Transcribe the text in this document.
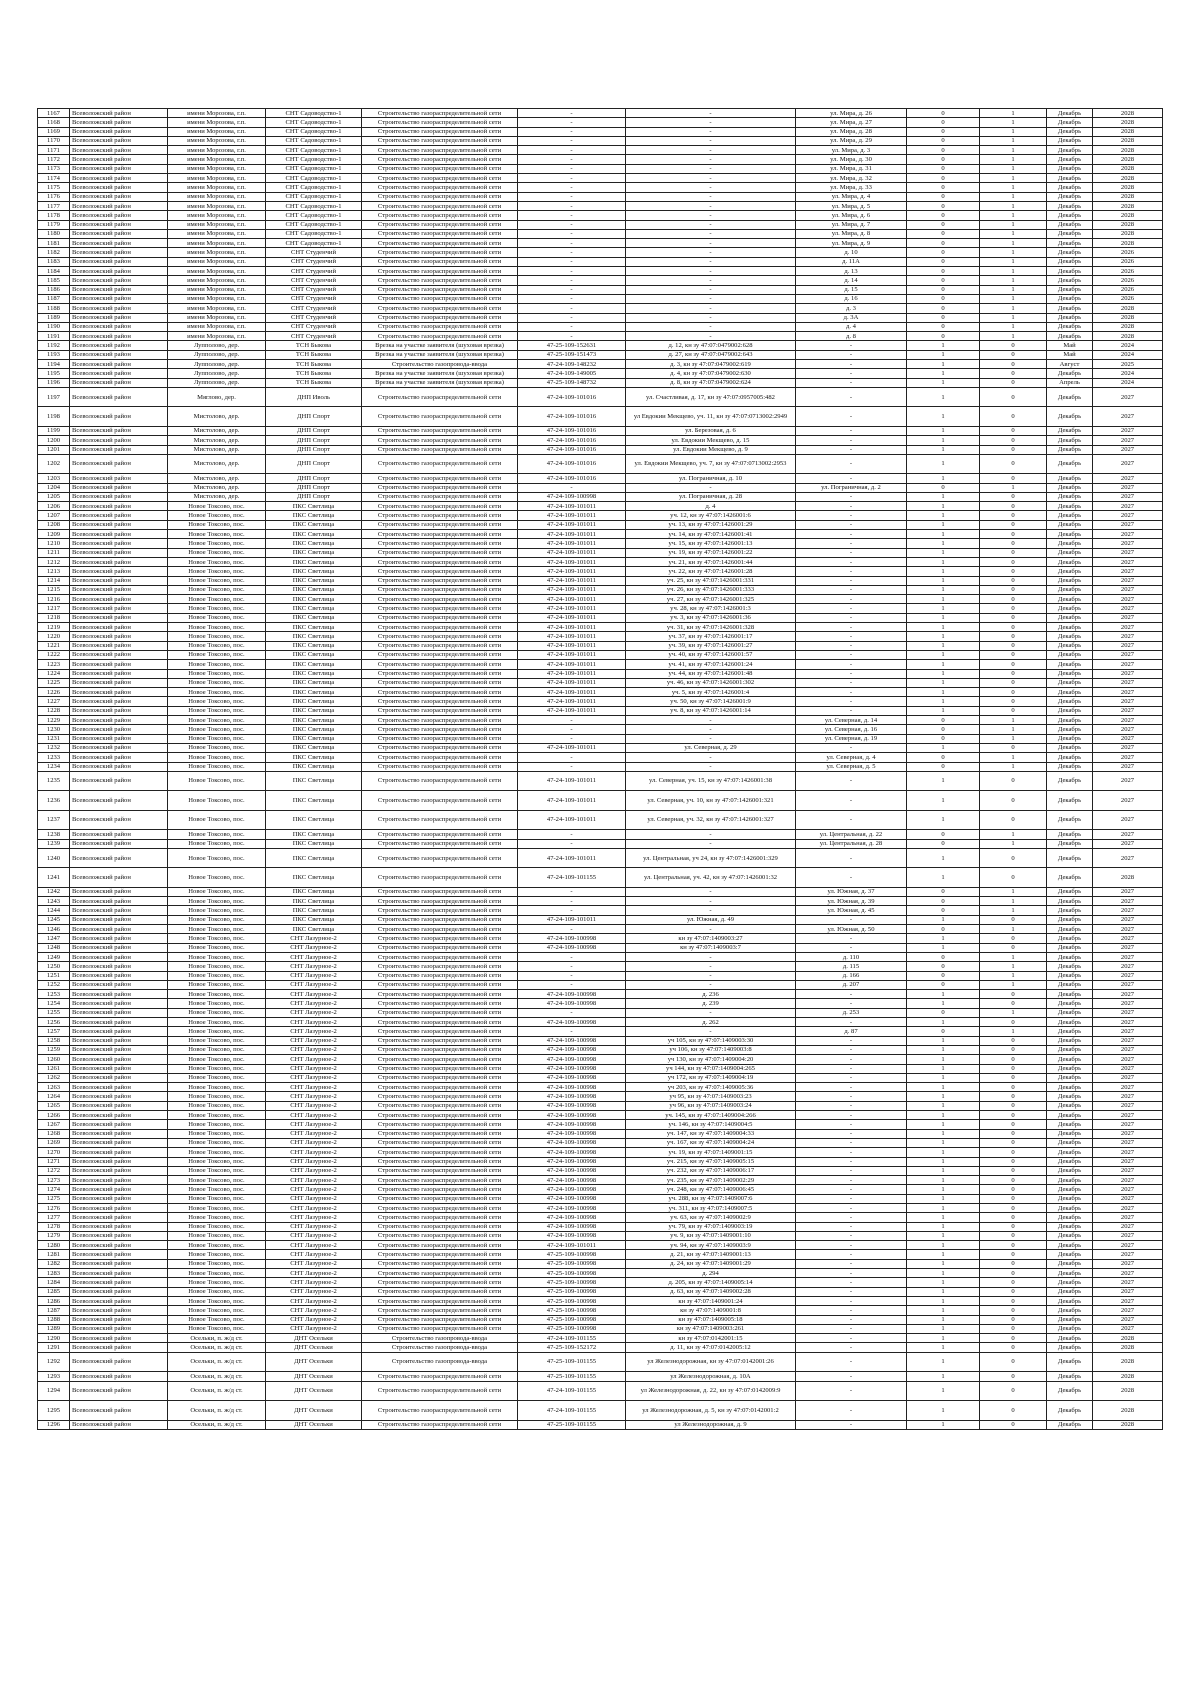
1167	Всеволожский район	имени Морозова, г.п.	СНТ Садоводство-1	Строительство газораспределительной сети	-	-	ул. Мира, д. 26	0	1	Декабрь	2028
1168	Всеволожский район	имени Морозова, г.п.	СНТ Садоводство-1	Строительство газораспределительной сети	-	-	ул. Мира, д. 27	0	1	Декабрь	2028
1169	Всеволожский район	имени Морозова, г.п.	СНТ Садоводство-1	Строительство газораспределительной сети	-	-	ул. Мира, д. 28	0	1	Декабрь	2028
1170	Всеволожский район	имени Морозова, г.п.	СНТ Садоводство-1	Строительство газораспределительной сети	-	-	ул. Мира, д. 29	0	1	Декабрь	2028
1171	Всеволожский район	имени Морозова, г.п.	СНТ Садоводство-1	Строительство газораспределительной сети	-	-	ул. Мира, д. 3	0	1	Декабрь	2028
1172	Всеволожский район	имени Морозова, г.п.	СНТ Садоводство-1	Строительство газораспределительной сети	-	-	ул. Мира, д. 30	0	1	Декабрь	2028
1173	Всеволожский район	имени Морозова, г.п.	СНТ Садоводство-1	Строительство газораспределительной сети	-	-	ул. Мира, д. 31	0	1	Декабрь	2028
1174	Всеволожский район	имени Морозова, г.п.	СНТ Садоводство-1	Строительство газораспределительной сети	-	-	ул. Мира, д. 32	0	1	Декабрь	2028
1175	Всеволожский район	имени Морозова, г.п.	СНТ Садоводство-1	Строительство газораспределительной сети	-	-	ул. Мира, д. 33	0	1	Декабрь	2028
1176	Всеволожский район	имени Морозова, г.п.	СНТ Садоводство-1	Строительство газораспределительной сети	-	-	ул. Мира, д. 4	0	1	Декабрь	2028
1177	Всеволожский район	имени Морозова, г.п.	СНТ Садоводство-1	Строительство газораспределительной сети	-	-	ул. Мира, д. 5	0	1	Декабрь	2028
1178	Всеволожский район	имени Морозова, г.п.	СНТ Садоводство-1	Строительство газораспределительной сети	-	-	ул. Мира, д. 6	0	1	Декабрь	2028
1179	Всеволожский район	имени Морозова, г.п.	СНТ Садоводство-1	Строительство газораспределительной сети	-	-	ул. Мира, д. 7	0	1	Декабрь	2028
1180	Всеволожский район	имени Морозова, г.п.	СНТ Садоводство-1	Строительство газораспределительной сети	-	-	ул. Мира, д. 8	0	1	Декабрь	2028
1181	Всеволожский район	имени Морозова, г.п.	СНТ Садоводство-1	Строительство газораспределительной сети	-	-	ул. Мира, д. 9	0	1	Декабрь	2028
1182	Всеволожский район	имени Морозова, г.п.	СНТ Студенчий	Строительство газораспределительной сети	-	-	д. 10	0	1	Декабрь	2026
1183	Всеволожский район	имени Морозова, г.п.	СНТ Студенчий	Строительство газораспределительной сети	-	-	д. 11А	0	1	Декабрь	2026
1184	Всеволожский район	имени Морозова, г.п.	СНТ Студенчий	Строительство газораспределительной сети	-	-	д. 13	0	1	Декабрь	2026
1185	Всеволожский район	имени Морозова, г.п.	СНТ Студенчий	Строительство газораспределительной сети	-	-	д. 14	0	1	Декабрь	2026
1186	Всеволожский район	имени Морозова, г.п.	СНТ Студенчий	Строительство газораспределительной сети	-	-	д. 15	0	1	Декабрь	2026
1187	Всеволожский район	имени Морозова, г.п.	СНТ Студенчий	Строительство газораспределительной сети	-	-	д. 16	0	1	Декабрь	2026
1188	Всеволожский район	имени Морозова, г.п.	СНТ Студенчий	Строительство газораспределительной сети	-	-	д. 3	0	1	Декабрь	2028
1189	Всеволожский район	имени Морозова, г.п.	СНТ Студенчий	Строительство газораспределительной сети	-	-	д. 3А	0	1	Декабрь	2028
1190	Всеволожский район	имени Морозова, г.п.	СНТ Студенчий	Строительство газораспределительной сети	-	-	д. 4	0	1	Декабрь	2028
1191	Всеволожский район	имени Морозова, г.п.	СНТ Студенчий	Строительство газораспределительной сети	-	-	д. 8	0	1	Декабрь	2028
1192	Всеволожский район	Лупполово, дер.	ТСН Быкова	Врезка на участке заявителя (шуховая врезка)	47-25-109-152631	д. 12, кн зу 47:07:0479002:628	-	1	0	Май	2024
1193	Всеволожский район	Лупполово, дер.	ТСН Быкова	Врезка на участке заявителя (шуховая врезка)	47-25-109-151473	д. 27, кн зу 47:07:0479002:643	-	1	0	Май	2024
1194	Всеволожский район	Лупполово, дер.	ТСН Быкова	Строительство газопровода-ввода	47-24-109-148232	д. 3, кн зу 47:07:0479002:619	-	1	0	Август	2025
1195	Всеволожский район	Лупполово, дер.	ТСН Быкова	Врезка на участке заявителя (шуховая врезка)	47-24-109-149005	д. 4, кн зу 47:07:0479002:630	-	1	0	Декабрь	2024
1196	Всеволожский район	Лупполово, дер.	ТСН Быкова	Врезка на участке заявителя (шуховая врезка)	47-25-109-148732	д. 8, кн зу 47:07:0479002:624	-	1	0	Апрель	2024
1197	Всеволожский район	Мяглово, дер.	ДНП Иволь	Строительство газораспределительной сети	47-24-109-101016	ул. Счастливая, д. 17, кн зу 47:07:0957005:482	-	1	0	Декабрь	2027
1198	Всеволожский район	Мистолово, дер.	ДНП Спорт	Строительство газораспределительной сети	47-24-109-101016	ул Евдокии Мекщево, уч. 11, кн зу 47:07:0713002:2949	-	1	0	Декабрь	2027
1199	Всеволожский район	Мистолово, дер.	ДНП Спорт	Строительство газораспределительной сети	47-24-109-101016	ул. Березовая, д. 6	-	1	0	Декабрь	2027
1200	Всеволожский район	Мистолово, дер.	ДНП Спорт	Строительство газораспределительной сети	47-24-109-101016	ул. Евдокии Мекщево, д. 15	-	1	0	Декабрь	2027
1201	Всеволожский район	Мистолово, дер.	ДНП Спорт	Строительство газораспределительной сети	47-24-109-101016	ул. Евдокии Мекщево, д. 9	-	1	0	Декабрь	2027
1202	Всеволожский район	Мистолово, дер.	ДНП Спорт	Строительство газораспределительной сети	47-24-109-101016	ул. Евдокии Мекщево, уч. 7, кн зу 47:07:0713002:2953	-	1	0	Декабрь	2027
1203	Всеволожский район	Мистолово, дер.	ДНП Спорт	Строительство газораспределительной сети	47-24-109-101016	ул. Пограничная, д. 10	-	1	0	Декабрь	2027
1204	Всеволожский район	Мистолово, дер.	ДНП Спорт	Строительство газораспределительной сети	-	-	ул. Пограничная, д. 2	0	1	Декабрь	2027
1205	Всеволожский район	Мистолово, дер.	ДНП Спорт	Строительство газораспределительной сети	47-24-109-100998	ул. Пограничная, д. 28	-	1	0	Декабрь	2027
1206	Всеволожский район	Новое Токсово, пос.	ПКС Светлица	Строительство газораспределительной сети	47-24-109-101011	д. 4	-	1	0	Декабрь	2027
1207	Всеволожский район	Новое Токсово, пос.	ПКС Светлица	Строительство газораспределительной сети	47-24-109-101011	уч. 12, кн зу 47:07:1426001:6	-	1	0	Декабрь	2027
1208	Всеволожский район	Новое Токсово, пос.	ПКС Светлица	Строительство газораспределительной сети	47-24-109-101011	уч. 13, кн зу 47:07:1426001:29	-	1	0	Декабрь	2027
1209	Всеволожский район	Новое Токсово, пос.	ПКС Светлица	Строительство газораспределительной сети	47-24-109-101011	уч. 14, кн зу 47:07:1426001:41	-	1	0	Декабрь	2027
1210	Всеволожский район	Новое Токсово, пос.	ПКС Светлица	Строительство газораспределительной сети	47-24-109-101011	уч. 15, кн зу 47:07:1426001:13	-	1	0	Декабрь	2027
1211	Всеволожский район	Новое Токсово, пос.	ПКС Светлица	Строительство газораспределительной сети	47-24-109-101011	уч. 19, кн зу 47:07:1426001:22	-	1	0	Декабрь	2027
1212	Всеволожский район	Новое Токсово, пос.	ПКС Светлица	Строительство газораспределительной сети	47-24-109-101011	уч. 21, кн зу 47:07:1426001:44	-	1	0	Декабрь	2027
1213	Всеволожский район	Новое Токсово, пос.	ПКС Светлица	Строительство газораспределительной сети	47-24-109-101011	уч. 22, кн зу 47:07:1426001:28	-	1	0	Декабрь	2027
1214	Всеволожский район	Новое Токсово, пос.	ПКС Светлица	Строительство газораспределительной сети	47-24-109-101011	уч. 25, кн зу 47:07:1426001:331	-	1	0	Декабрь	2027
1215	Всеволожский район	Новое Токсово, пос.	ПКС Светлица	Строительство газораспределительной сети	47-24-109-101011	уч. 26, кн зу 47:07:1426001:333	-	1	0	Декабрь	2027
1216	Всеволожский район	Новое Токсово, пос.	ПКС Светлица	Строительство газораспределительной сети	47-24-109-101011	уч. 27, кн зу 47:07:1426001:325	-	1	0	Декабрь	2027
1217	Всеволожский район	Новое Токсово, пос.	ПКС Светлица	Строительство газораспределительной сети	47-24-109-101011	уч. 28, кн зу 47:07:1426001:3	-	1	0	Декабрь	2027
1218	Всеволожский район	Новое Токсово, пос.	ПКС Светлица	Строительство газораспределительной сети	47-24-109-101011	уч. 3, кн зу 47:07:1426001:36	-	1	0	Декабрь	2027
1219	Всеволожский район	Новое Токсово, пос.	ПКС Светлица	Строительство газораспределительной сети	47-24-109-101011	уч. 31, кн зу 47:07:1426001:328	-	1	0	Декабрь	2027
1220	Всеволожский район	Новое Токсово, пос.	ПКС Светлица	Строительство газораспределительной сети	47-24-109-101011	уч. 37, кн зу 47:07:1426001:17	-	1	0	Декабрь	2027
1221	Всеволожский район	Новое Токсово, пос.	ПКС Светлица	Строительство газораспределительной сети	47-24-109-101011	уч. 39, кн зу 47:07:1426001:27	-	1	0	Декабрь	2027
1222	Всеволожский район	Новое Токсово, пос.	ПКС Светлица	Строительство газораспределительной сети	47-24-109-101011	уч. 40, кн зу 47:07:1426001:57	-	1	0	Декабрь	2027
1223	Всеволожский район	Новое Токсово, пос.	ПКС Светлица	Строительство газораспределительной сети	47-24-109-101011	уч. 41, кн зу 47:07:1426001:24	-	1	0	Декабрь	2027
1224	Всеволожский район	Новое Токсово, пос.	ПКС Светлица	Строительство газораспределительной сети	47-24-109-101011	уч. 44, кн зу 47:07:1426001:48	-	1	0	Декабрь	2027
1225	Всеволожский район	Новое Токсово, пос.	ПКС Светлица	Строительство газораспределительной сети	47-24-109-101011	уч. 46, кн зу 47:07:1426001:302	-	1	0	Декабрь	2027
1226	Всеволожский район	Новое Токсово, пос.	ПКС Светлица	Строительство газораспределительной сети	47-24-109-101011	уч. 5, кн зу 47:07:1426001:4	-	1	0	Декабрь	2027
1227	Всеволожский район	Новое Токсово, пос.	ПКС Светлица	Строительство газораспределительной сети	47-24-109-101011	уч. 50, кн зу 47:07:1426001:9	-	1	0	Декабрь	2027
1228	Всеволожский район	Новое Токсово, пос.	ПКС Светлица	Строительство газораспределительной сети	47-24-109-101011	уч. 8, кн зу 47:07:1426001:14	-	1	0	Декабрь	2027
1229	Всеволожский район	Новое Токсово, пос.	ПКС Светлица	Строительство газораспределительной сети	-	-	ул. Северная, д. 14	0	1	Декабрь	2027
1230	Всеволожский район	Новое Токсово, пос.	ПКС Светлица	Строительство газораспределительной сети	-	-	ул. Северная, д. 16	0	1	Декабрь	2027
1231	Всеволожский район	Новое Токсово, пос.	ПКС Светлица	Строительство газораспределительной сети	-	-	ул. Северная, д. 19	0	1	Декабрь	2027
1232	Всеволожский район	Новое Токсово, пос.	ПКС Светлица	Строительство газораспределительной сети	47-24-109-101011	ул. Северная, д. 29	-	1	0	Декабрь	2027
1233	Всеволожский район	Новое Токсово, пос.	ПКС Светлица	Строительство газораспределительной сети	-	-	ул. Северная, д. 4	0	1	Декабрь	2027
1234	Всеволожский район	Новое Токсово, пос.	ПКС Светлица	Строительство газораспределительной сети	-	-	ул. Северная, д. 5	0	1	Декабрь	2027
1235	Всеволожский район	Новое Токсово, пос.	ПКС Светлица	Строительство газораспределительной сети	47-24-109-101011	ул. Северная, уч. 15, кн зу 47:07:1426001:38	-	1	0	Декабрь	2027
1236	Всеволожский район	Новое Токсово, пос.	ПКС Светлица	Строительство газораспределительной сети	47-24-109-101011	ул. Северная, уч. 10, кн зу 47:07:1426001:321	-	1	0	Декабрь	2027
1237	Всеволожский район	Новое Токсово, пос.	ПКС Светлица	Строительство газораспределительной сети	47-24-109-101011	ул. Северная, уч. 32, кн зу 47:07:1426001:327	-	1	0	Декабрь	2027
1238	Всеволожский район	Новое Токсово, пос.	ПКС Светлица	Строительство газораспределительной сети	-	-	ул. Центральная, д. 22	0	1	Декабрь	2027
1239	Всеволожский район	Новое Токсово, пос.	ПКС Светлица	Строительство газораспределительной сети	-	-	ул. Центральная, д. 28	0	1	Декабрь	2027
1240	Всеволожский район	Новое Токсово, пос.	ПКС Светлица	Строительство газораспределительной сети	47-24-109-101011	ул. Центральная, уч 24, кн зу 47:07:1426001:329	-	1	0	Декабрь	2027
1241	Всеволожский район	Новое Токсово, пос.	ПКС Светлица	Строительство газораспределительной сети	47-24-109-101155	ул. Центральная, уч. 42, кн зу 47:07:1426001:32	-	1	0	Декабрь	2028
1242	Всеволожский район	Новое Токсово, пос.	ПКС Светлица	Строительство газораспределительной сети	-	-	ул. Южная, д. 37	0	1	Декабрь	2027
1243	Всеволожский район	Новое Токсово, пос.	ПКС Светлица	Строительство газораспределительной сети	-	-	ул. Южная, д. 39	0	1	Декабрь	2027
1244	Всеволожский район	Новое Токсово, пос.	ПКС Светлица	Строительство газораспределительной сети	-	-	ул. Южная, д. 45	0	1	Декабрь	2027
1245	Всеволожский район	Новое Токсово, пос.	ПКС Светлица	Строительство газораспределительной сети	47-24-109-101011	ул. Южная, д. 49	-	1	0	Декабрь	2027
1246	Всеволожский район	Новое Токсово, пос.	ПКС Светлица	Строительство газораспределительной сети	-	-	ул. Южная, д. 50	0	1	Декабрь	2027
1247	Всеволожский район	Новое Токсово, пос.	СНТ Лазурное-2	Строительство газораспределительной сети	47-24-109-100998	кн зу 47:07:1409003:27	-	1	0	Декабрь	2027
1248	Всеволожский район	Новое Токсово, пос.	СНТ Лазурное-2	Строительство газораспределительной сети	47-24-109-100998	кн зу 47:07:1409003:7	-	1	0	Декабрь	2027
1249	Всеволожский район	Новое Токсово, пос.	СНТ Лазурное-2	Строительство газораспределительной сети	-	-	д. 110	0	1	Декабрь	2027
1250	Всеволожский район	Новое Токсово, пос.	СНТ Лазурное-2	Строительство газораспределительной сети	-	-	д. 115	0	1	Декабрь	2027
1251	Всеволожский район	Новое Токсово, пос.	СНТ Лазурное-2	Строительство газораспределительной сети	-	-	д. 166	0	1	Декабрь	2027
1252	Всеволожский район	Новое Токсово, пос.	СНТ Лазурное-2	Строительство газораспределительной сети	-	-	д. 207	0	1	Декабрь	2027
1253	Всеволожский район	Новое Токсово, пос.	СНТ Лазурное-2	Строительство газораспределительной сети	47-24-109-100998	д. 236	-	1	0	Декабрь	2027
1254	Всеволожский район	Новое Токсово, пос.	СНТ Лазурное-2	Строительство газораспределительной сети	47-24-109-100998	д. 239	-	1	0	Декабрь	2027
1255	Всеволожский район	Новое Токсово, пос.	СНТ Лазурное-2	Строительство газораспределительной сети	-	-	д. 253	0	1	Декабрь	2027
1256	Всеволожский район	Новое Токсово, пос.	СНТ Лазурное-2	Строительство газораспределительной сети	47-24-109-100998	д. 262	-	1	0	Декабрь	2027
1257	Всеволожский район	Новое Токсово, пос.	СНТ Лазурное-2	Строительство газораспределительной сети	-	-	д. 87	0	1	Декабрь	2027
1258	Всеволожский район	Новое Токсово, пос.	СНТ Лазурное-2	Строительство газораспределительной сети	47-24-109-100998	уч 105, кн зу 47:07:1409003:30	-	1	0	Декабрь	2027
1259	Всеволожский район	Новое Токсово, пос.	СНТ Лазурное-2	Строительство газораспределительной сети	47-24-109-100998	уч 106, кн зу 47:07:1409003:8	-	1	0	Декабрь	2027
1260	Всеволожский район	Новое Токсово, пос.	СНТ Лазурное-2	Строительство газораспределительной сети	47-24-109-100998	уч 130, кн зу 47:07:1409004:20	-	1	0	Декабрь	2027
1261	Всеволожский район	Новое Токсово, пос.	СНТ Лазурное-2	Строительство газораспределительной сети	47-24-109-100998	уч 144, кн зу 47:07:1409004:265	-	1	0	Декабрь	2027
1262	Всеволожский район	Новое Токсово, пос.	СНТ Лазурное-2	Строительство газораспределительной сети	47-24-109-100998	уч 172, кн зу 47:07:1409004:19	-	1	0	Декабрь	2027
1263	Всеволожский район	Новое Токсово, пос.	СНТ Лазурное-2	Строительство газораспределительной сети	47-24-109-100998	уч 203, кн зу 47:07:1409005:36	-	1	0	Декабрь	2027
1264	Всеволожский район	Новое Токсово, пос.	СНТ Лазурное-2	Строительство газораспределительной сети	47-24-109-100998	уч 95, кн зу 47:07:1409003:23	-	1	0	Декабрь	2027
1265	Всеволожский район	Новое Токсово, пос.	СНТ Лазурное-2	Строительство газораспределительной сети	47-24-109-100998	уч 96, кн зу 47:07:1409003:24	-	1	0	Декабрь	2027
1266	Всеволожский район	Новое Токсово, пос.	СНТ Лазурное-2	Строительство газораспределительной сети	47-24-109-100998	уч. 145, кн зу 47:07:1409004:266	-	1	0	Декабрь	2027
1267	Всеволожский район	Новое Токсово, пос.	СНТ Лазурное-2	Строительство газораспределительной сети	47-24-109-100998	уч. 146, кн зу 47:07:1409004:5	-	1	0	Декабрь	2027
1268	Всеволожский район	Новое Токсово, пос.	СНТ Лазурное-2	Строительство газораспределительной сети	47-24-109-100998	уч. 147, кн зу 47:07:1409004:33	-	1	0	Декабрь	2027
1269	Всеволожский район	Новое Токсово, пос.	СНТ Лазурное-2	Строительство газораспределительной сети	47-24-109-100998	уч. 167, кн зу 47:07:1409004:24	-	1	0	Декабрь	2027
1270	Всеволожский район	Новое Токсово, пос.	СНТ Лазурное-2	Строительство газораспределительной сети	47-24-109-100998	уч. 19, кн зу 47:07:1409001:15	-	1	0	Декабрь	2027
1271	Всеволожский район	Новое Токсово, пос.	СНТ Лазурное-2	Строительство газораспределительной сети	47-24-109-100998	уч. 215, кн зу 47:07:1409005:15	-	1	0	Декабрь	2027
1272	Всеволожский район	Новое Токсово, пос.	СНТ Лазурное-2	Строительство газораспределительной сети	47-24-109-100998	уч. 232, кн зу 47:07:1409006:17	-	1	0	Декабрь	2027
1273	Всеволожский район	Новое Токсово, пос.	СНТ Лазурное-2	Строительство газораспределительной сети	47-24-109-100998	уч. 235, кн зу 47:07:1409002:29	-	1	0	Декабрь	2027
1274	Всеволожский район	Новое Токсово, пос.	СНТ Лазурное-2	Строительство газораспределительной сети	47-24-109-100998	уч. 248, кн зу 47:07:1409006:45	-	1	0	Декабрь	2027
1275	Всеволожский район	Новое Токсово, пос.	СНТ Лазурное-2	Строительство газораспределительной сети	47-24-109-100998	уч. 288, кн зу 47:07:1409007:6	-	1	0	Декабрь	2027
1276	Всеволожский район	Новое Токсово, пос.	СНТ Лазурное-2	Строительство газораспределительной сети	47-24-109-100998	уч. 311, кн зу 47:07:1409007:5	-	1	0	Декабрь	2027
1277	Всеволожский район	Новое Токсово, пос.	СНТ Лазурное-2	Строительство газораспределительной сети	47-24-109-100998	уч. 63, кн зу 47:07:1409002:9	-	1	0	Декабрь	2027
1278	Всеволожский район	Новое Токсово, пос.	СНТ Лазурное-2	Строительство газораспределительной сети	47-24-109-100998	уч. 79, кн зу 47:07:1409003:19	-	1	0	Декабрь	2027
1279	Всеволожский район	Новое Токсово, пос.	СНТ Лазурное-2	Строительство газораспределительной сети	47-24-109-100998	уч. 9, кн зу 47:07:1409001:10	-	1	0	Декабрь	2027
1280	Всеволожский район	Новое Токсово, пос.	СНТ Лазурное-2	Строительство газораспределительной сети	47-24-109-101011	уч. 94, кн зу 47:07:1409003:9	-	1	0	Декабрь	2027
1281	Всеволожский район	Новое Токсово, пос.	СНТ Лазурное-2	Строительство газораспределительной сети	47-25-109-100998	д. 21, кн зу 47:07:1409001:13	-	1	0	Декабрь	2027
1282	Всеволожский район	Новое Токсово, пос.	СНТ Лазурное-2	Строительство газораспределительной сети	47-25-109-100998	д. 24, кн зу 47:07:1409001:29	-	1	0	Декабрь	2027
1283	Всеволожский район	Новое Токсово, пос.	СНТ Лазурное-2	Строительство газораспределительной сети	47-25-109-100998	д. 294	-	1	0	Декабрь	2027
1284	Всеволожский район	Новое Токсово, пос.	СНТ Лазурное-2	Строительство газораспределительной сети	47-25-109-100998	д. 205, кн зу 47:07:1409005:14	-	1	0	Декабрь	2027
1285	Всеволожский район	Новое Токсово, пос.	СНТ Лазурное-2	Строительство газораспределительной сети	47-25-109-100998	д. 63, кн зу 47:07:1409002:28	-	1	0	Декабрь	2027
1286	Всеволожский район	Новое Токсово, пос.	СНТ Лазурное-2	Строительство газораспределительной сети	47-25-109-100998	кн зу 47:07:1409001:24	-	1	0	Декабрь	2027
1287	Всеволожский район	Новое Токсово, пос.	СНТ Лазурное-2	Строительство газораспределительной сети	47-25-109-100998	кн зу 47:07:1409001:8	-	1	0	Декабрь	2027
1288	Всеволожский район	Новое Токсово, пос.	СНТ Лазурное-2	Строительство газораспределительной сети	47-25-109-100998	кн зу 47:07:1409005:18	-	1	0	Декабрь	2027
1289	Всеволожский район	Новое Токсово, пос.	СНТ Лазурное-2	Строительство газораспределительной сети	47-25-109-100998	кн зу 47:07:1409003:261	-	1	0	Декабрь	2027
1290	Всеволожский район	Осельки, п. ж/д ст.	ДНТ Осельки	Строительство газопровода-ввода	47-24-109-101155	кн зу 47:07:0142001:15	-	1	0	Декабрь	2028
1291	Всеволожский район	Осельки, п. ж/д ст.	ДНТ Осельки	Строительство газопровода-ввода	47-25-109-152172	д. 11, кн зу 47:07:0142005:12	-	1	0	Декабрь	2028
1292	Всеволожский район	Осельки, п. ж/д ст.	ДНТ Осельки	Строительство газопровода-ввода	47-25-109-101155	ул Железнодорожная, кн зу 47:07:0142001:26	-	1	0	Декабрь	2028
1293	Всеволожский район	Осельки, п. ж/д ст.	ДНТ Осельки	Строительство газораспределительной сети	47-25-109-101155	ул Железнодорожная, д. 10А	-	1	0	Декабрь	2028
1294	Всеволожский район	Осельки, п. ж/д ст.	ДНТ Осельки	Строительство газораспределительной сети	47-24-109-101155	ул Железнодорожная, д. 22, кн зу 47:07:0142009:9	-	1	0	Декабрь	2028
1295	Всеволожский район	Осельки, п. ж/д ст.	ДНТ Осельки	Строительство газораспределительной сети	47-24-109-101155	ул Железнодорожная, д. 5, кн зу 47:07:0142001:2	-	1	0	Декабрь	2028
1296	Всеволожский район	Осельки, п. ж/д ст.	ДНТ Осельки	Строительство газораспределительной сети	47-25-109-101155	ул Железнодорожная, д. 9	-	1	0	Декабрь	2028
